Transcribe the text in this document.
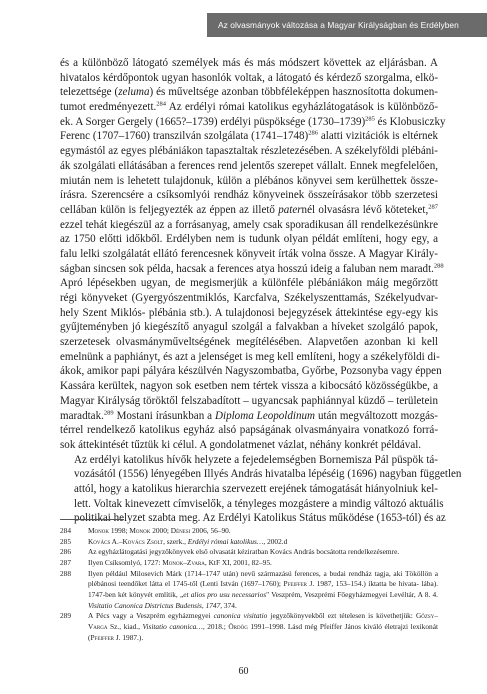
Az olvasmányok változása a Magyar Királyságban és Erdélyben

és a különböző látogató személyek más és más módszert követtek az eljárásban. A
hivatalos kérdőpontok ugyan hasonlók voltak, a látogató és kérdező szorgalma, elkö-
telezettsége (zeluma) és műveltsége azonban többféleképpen hasznosította dokumen-
tumot eredményezett.$^{284}$ Az erdélyi római katolikus egyházlátogatások is különböző-
ek. A Sorger Gergely (1665?–1739) erdélyi püspöksége (1730–1739)$^{285}$ és Klobusiczky
Ferenc (1707–1760) transzilván szolgálata (1741–1748)$^{286}$ alatti vizitációk is eltérnek
egymástól az egyes plébániákon tapasztaltak részletezésében. A székelyföldi plébáni-
ák szolgálati ellátásában a ferences rend jelentős szerepet vállalt. Ennek megfelelően,
miután nem is lehetett tulajdonuk, külön a plébános könyvei sem kerülhettek össze-
írásra. Szerencsére a csíksomlyói rendház könyveinek összeírásakor több szerzetesi
cellában külön is feljegyezték az éppen az illető paternél olvasásra lévő köteteket,$^{287}$
ezzel tehát kiegészül az a forrásanyag, amely csak sporadikusan áll rendelkezésünkre
az 1750 előtti időkből. Erdélyben nem is tudunk olyan példát említeni, hogy egy, a
falu lelki szolgálatát ellátó ferencesnek könyveit írták volna össze. A Magyar Király-
ságban sincsen sok példa, hacsak a ferences atya hosszú ideig a faluban nem maradt.$^{288}$
Apró lépésekben ugyan, de megismerjük a különféle plébániákon máig megőrzött
régi könyveket (Gyergyószentmiklós, Karcfalva, Székelyszenttamás, Székelyudvar-
hely Szent Miklós- plébánia stb.). A tulajdonosi bejegyzések áttekintése egy-egy kis
gyűjteményben jó kiegészítő anyagul szolgál a falvakban a híveket szolgáló papok,
szerzetesek olvasmányműveltségének megítélésében. Alapvetően azonban ki kell
emelnünk a paphiányt, és azt a jelenséget is meg kell említeni, hogy a székelyföldi di-
ákok, amikor papi pályára készülvén Nagyszombatba, Győrbe, Pozsonyba vagy éppen
Kassára kerültek, nagyon sok esetben nem tértek vissza a kibocsátó közösségükbe, a
Magyar Királyság töröktől felszabadított – ugyancsak paphiánnyal küzdő – területein
maradtak.$^{289}$ Mostani írásunkban a Diploma Leopoldinum után megváltozott mozgás-
térrel rendelkező katolikus egyház alsó papságának olvasmányaira vonatkozó forrá-
sok áttekintését tűztük ki célul. A gondolatmenet vázlat, néhány konkrét példával.

Az erdélyi katolikus hívők helyzete a fejedelemségben Bornemisza Pál püspök tá-
vozásától (1556) lényegében Illyés András hivatalba lépéséig (1696) nagyban független
attól, hogy a katolikus hierarchia szervezett erejének támogatását hiányolniuk kel-
lett. Voltak kinevezett címviselők, a tényleges mozgástere a mindig változó aktuális
politikai helyzet szabta meg. Az Erdélyi Katolikus Státus működése (1653-tól) és az

284 Monok 1998; Monok 2000; Dénesi 2006, 56–90.
285 Kovács A.–Kovács Zsolt, szerk., Erdélyi római katolikus…, 2002.d
286 Az egyházlátogatási jegyzőkönyvek első olvasatát kéziratban Kovács András bocsátotta rendelkezésemre.
287 Ilyen Csíksomlyó, 1727: Monok–Zvara, KtF XI, 2001, 82–95.
288 Ilyen például Milosevich Márk (1714–1747 után) nevű származású ferences, a budai rendház tagja, aki Tököllön a plébánosi teendőket látta el 1745-től (Lenti István (1697–1760); Pfeiffer J. 1987, 153–154.) íktatta be hivata- lába). 1747-ben két könyvét említik, „et alios pro usu necessarios" Veszprém, Veszprémi Főegyházmegyei Levéltár, A 8. 4. Visitatio Canonica Districtus Budensis, 1747, 374.
289 A Pécs vagy a Veszprém egyházmegyei canonica visitatio jegyzőkönyvekből ezt tételesen is követhetjük: Gőzsy–Varga Sz., kiad., Visitatio canonica…, 2018.; Ördög 1991–1998. Lásd még Pfeiffer János kiváló életrajzi lexikonát (Pfeiffer J. 1987.).
60
